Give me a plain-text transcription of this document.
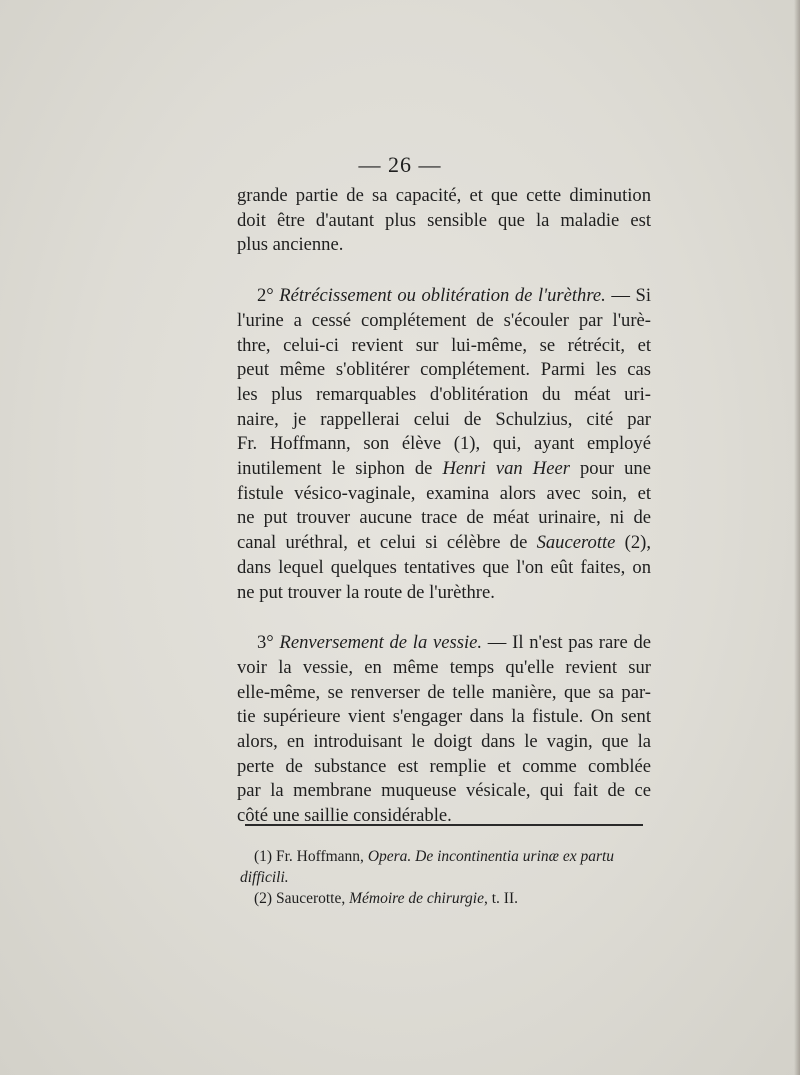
— 26 —

grande partie de sa capacité, et que cette diminution

doit être d'autant plus sensible que la maladie est

plus ancienne.

2° Rétrécissement ou oblitération de l'urèthre. — Si

l'urine a cessé complétement de s'écouler par l'urè-

thre, celui-ci revient sur lui-même, se rétrécit, et

peut même s'oblitérer complétement. Parmi les cas

les plus remarquables d'oblitération du méat uri-

naire, je rappellerai celui de Schulzius, cité par

Fr. Hoffmann, son élève (1), qui, ayant employé

inutilement le siphon de Henri van Heer pour une

fistule vésico-vaginale, examina alors avec soin, et

ne put trouver aucune trace de méat urinaire, ni de

canal uréthral, et celui si célèbre de Saucerotte (2),

dans lequel quelques tentatives que l'on eût faites, on

ne put trouver la route de l'urèthre.

3° Renversement de la vessie. — Il n'est pas rare de

voir la vessie, en même temps qu'elle revient sur

elle-même, se renverser de telle manière, que sa par-

tie supérieure vient s'engager dans la fistule. On sent

alors, en introduisant le doigt dans le vagin, que la

perte de substance est remplie et comme comblée

par la membrane muqueuse vésicale, qui fait de ce

côté une saillie considérable.

(1) Fr. Hoffmann, Opera. De incontinentia urinæ ex partu

difficili.

(2) Saucerotte, Mémoire de chirurgie, t. II.
